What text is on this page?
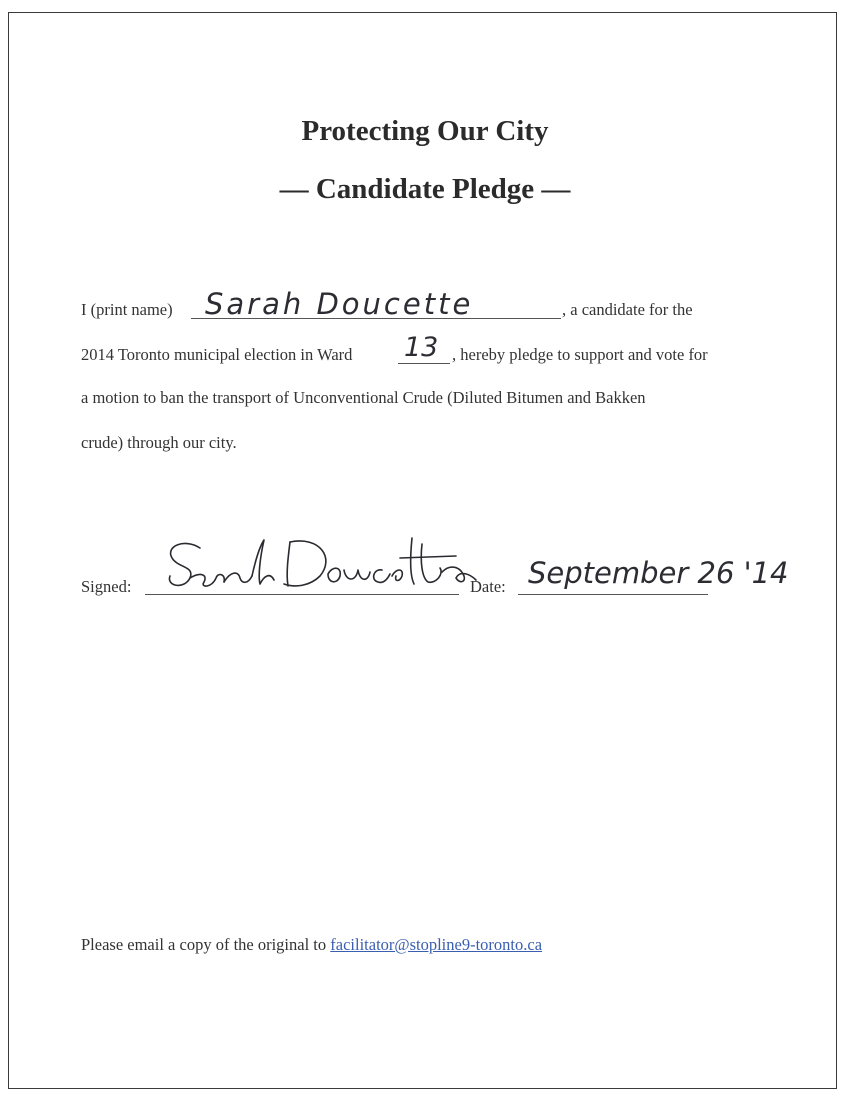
Protecting Our City
— Candidate Pledge —
I (print name) Sarah Doucette	, a candidate for the
2014 Toronto municipal election in Ward 13 , hereby pledge to support and vote for
a motion to ban the transport of Unconventional Crude (Diluted Bitumen and Bakken
crude) through our city.
Signed:	Date: September 26 '14
Please email a copy of the original to facilitator@stopline9-toronto.ca
